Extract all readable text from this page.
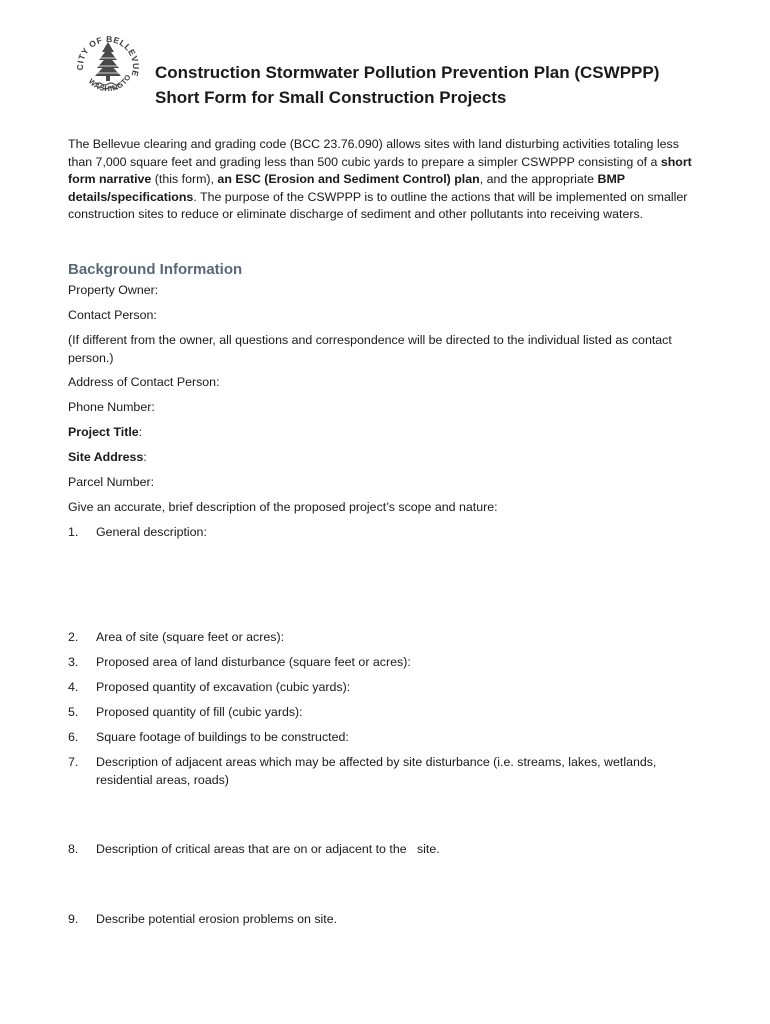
CITY OF BELLEVUE
WASHINGTO Construction Stormwater Pollution Prevention Plan (CSWPPP)
Short Form for Small Construction Projects

The Bellevue clearing and grading code (BCC 23.76.090) allows sites with land disturbing activities totaling less than 7,000 square feet and grading less than 500 cubic yards to prepare a simpler CSWPPP consisting of a short form narrative (this form), an ESC (Erosion and Sediment Control) plan, and the appropriate BMP details/specifications. The purpose of the CSWPPP is to outline the actions that will be implemented on smaller construction sites to reduce or eliminate discharge of sediment and other pollutants into receiving waters.

Background Information

Property Owner:

Contact Person:

(If different from the owner, all questions and correspondence will be directed to the individual listed as contact person.)

Address of Contact Person:

Phone Number:

Project Title:

Site Address:

Parcel Number:

Give an accurate, brief description of the proposed project’s scope and nature:

1.	General description:
2.	Area of site (square feet or acres):
3.	Proposed area of land disturbance (square feet or acres):
4.	Proposed quantity of excavation (cubic yards):
5.	Proposed quantity of fill (cubic yards):
6.	Square footage of buildings to be constructed:
7.	Description of adjacent areas which may be affected by site disturbance (i.e. streams, lakes, wetlands, residential areas, roads)
8.	Description of critical areas that are on or adjacent to the   site.
9.	Describe potential erosion problems on site.
